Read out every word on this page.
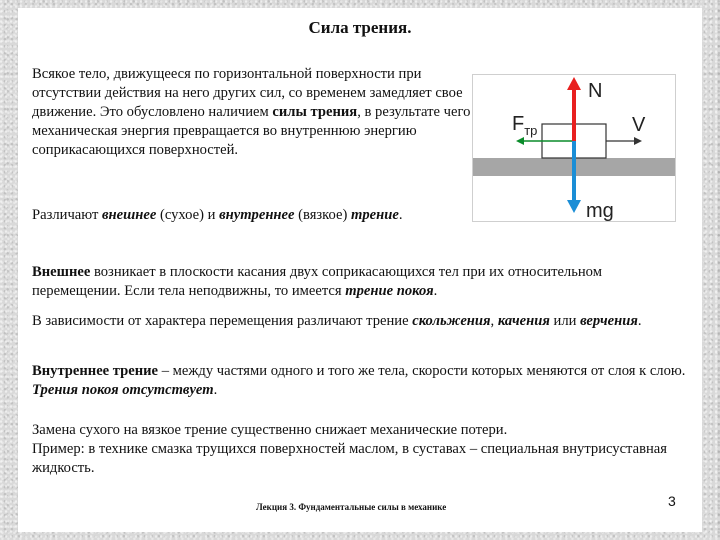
Сила трения.

Всякое тело, движущееся по горизонтальной поверхности при отсутствии действия на него других сил, со временем замедляет свое движение. Это обусловлено наличием силы трения, в результате чего механическая энергия превращается во внутреннюю энергию соприкасающихся поверхностей.

Различают внешнее (сухое) и внутреннее (вязкое) трение.

Внешнее возникает в плоскости касания двух соприкасающихся тел при их относительном перемещении. Если тела неподвижны, то имеется трение покоя.

В зависимости от характера перемещения различают трение скольжения, качения или верчения.

Внутреннее трение – между частями одного и того же тела, скорости которых меняются от слоя к слою. Трения покоя отсутствует.

Замена сухого на вязкое трение существенно снижает механические потери.
Пример: в технике смазка трущихся поверхностей маслом, в суставах – специальная внутрисуставная жидкость.

Лекция 3. Фундаментальные силы в механике	3
N
$F_{тр}$	V
mg
